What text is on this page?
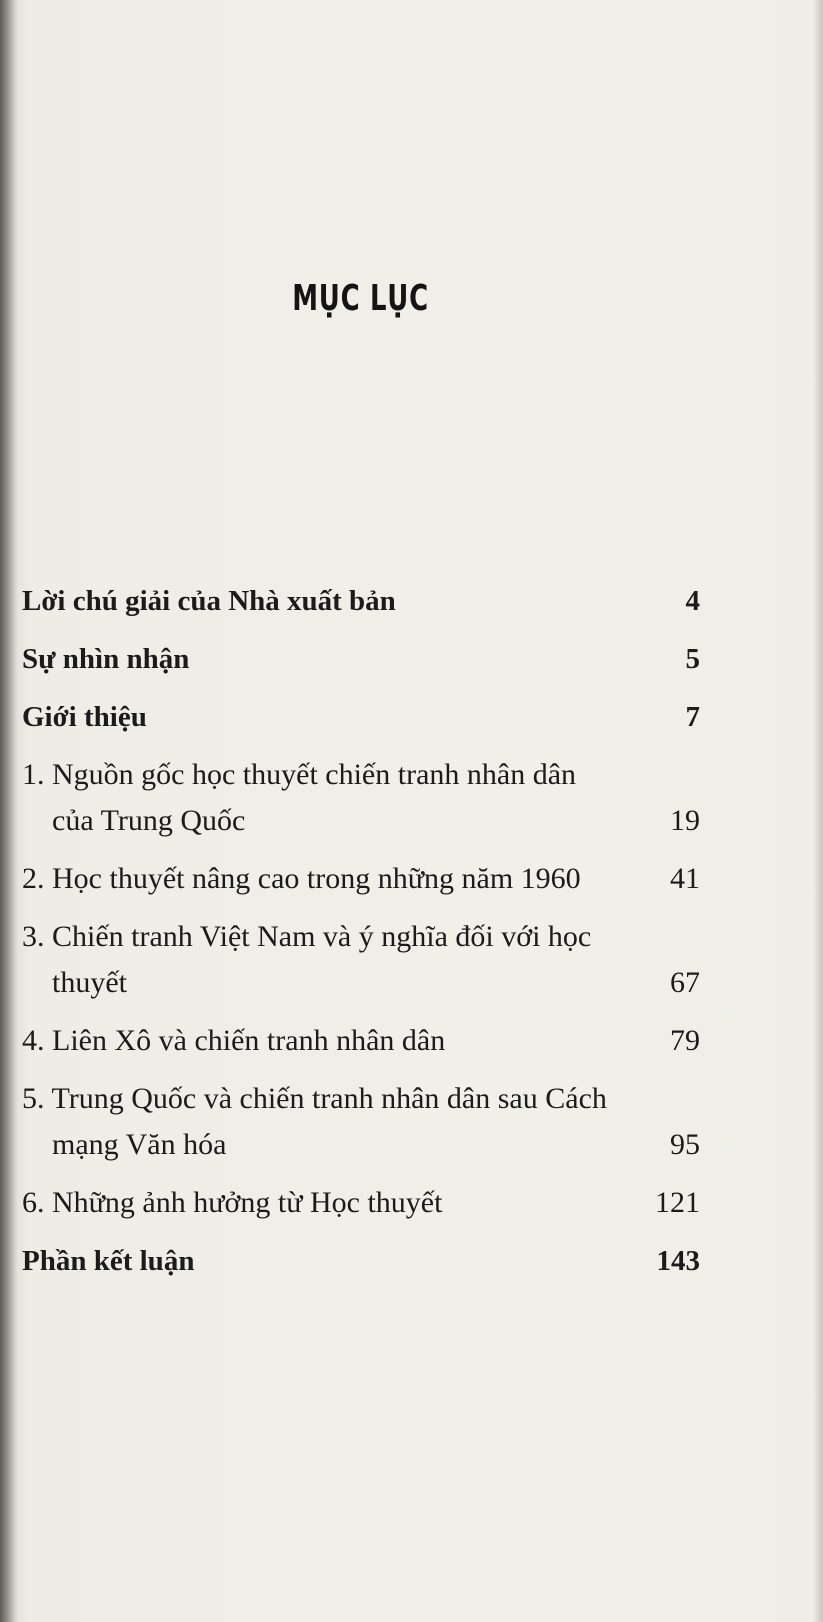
MỤC LỤC
Lời chú giải của Nhà xuất bản	4
Sự nhìn nhận	5
Giới thiệu	7
1. Nguồn gốc học thuyết chiến tranh nhân dân của Trung Quốc	19
2. Học thuyết nâng cao trong những năm 1960	41
3. Chiến tranh Việt Nam và ý nghĩa đối với học thuyết	67
4. Liên Xô và chiến tranh nhân dân	79
5. Trung Quốc và chiến tranh nhân dân sau Cách mạng Văn hóa	95
6. Những ảnh hưởng từ Học thuyết	121
Phần kết luận	143
